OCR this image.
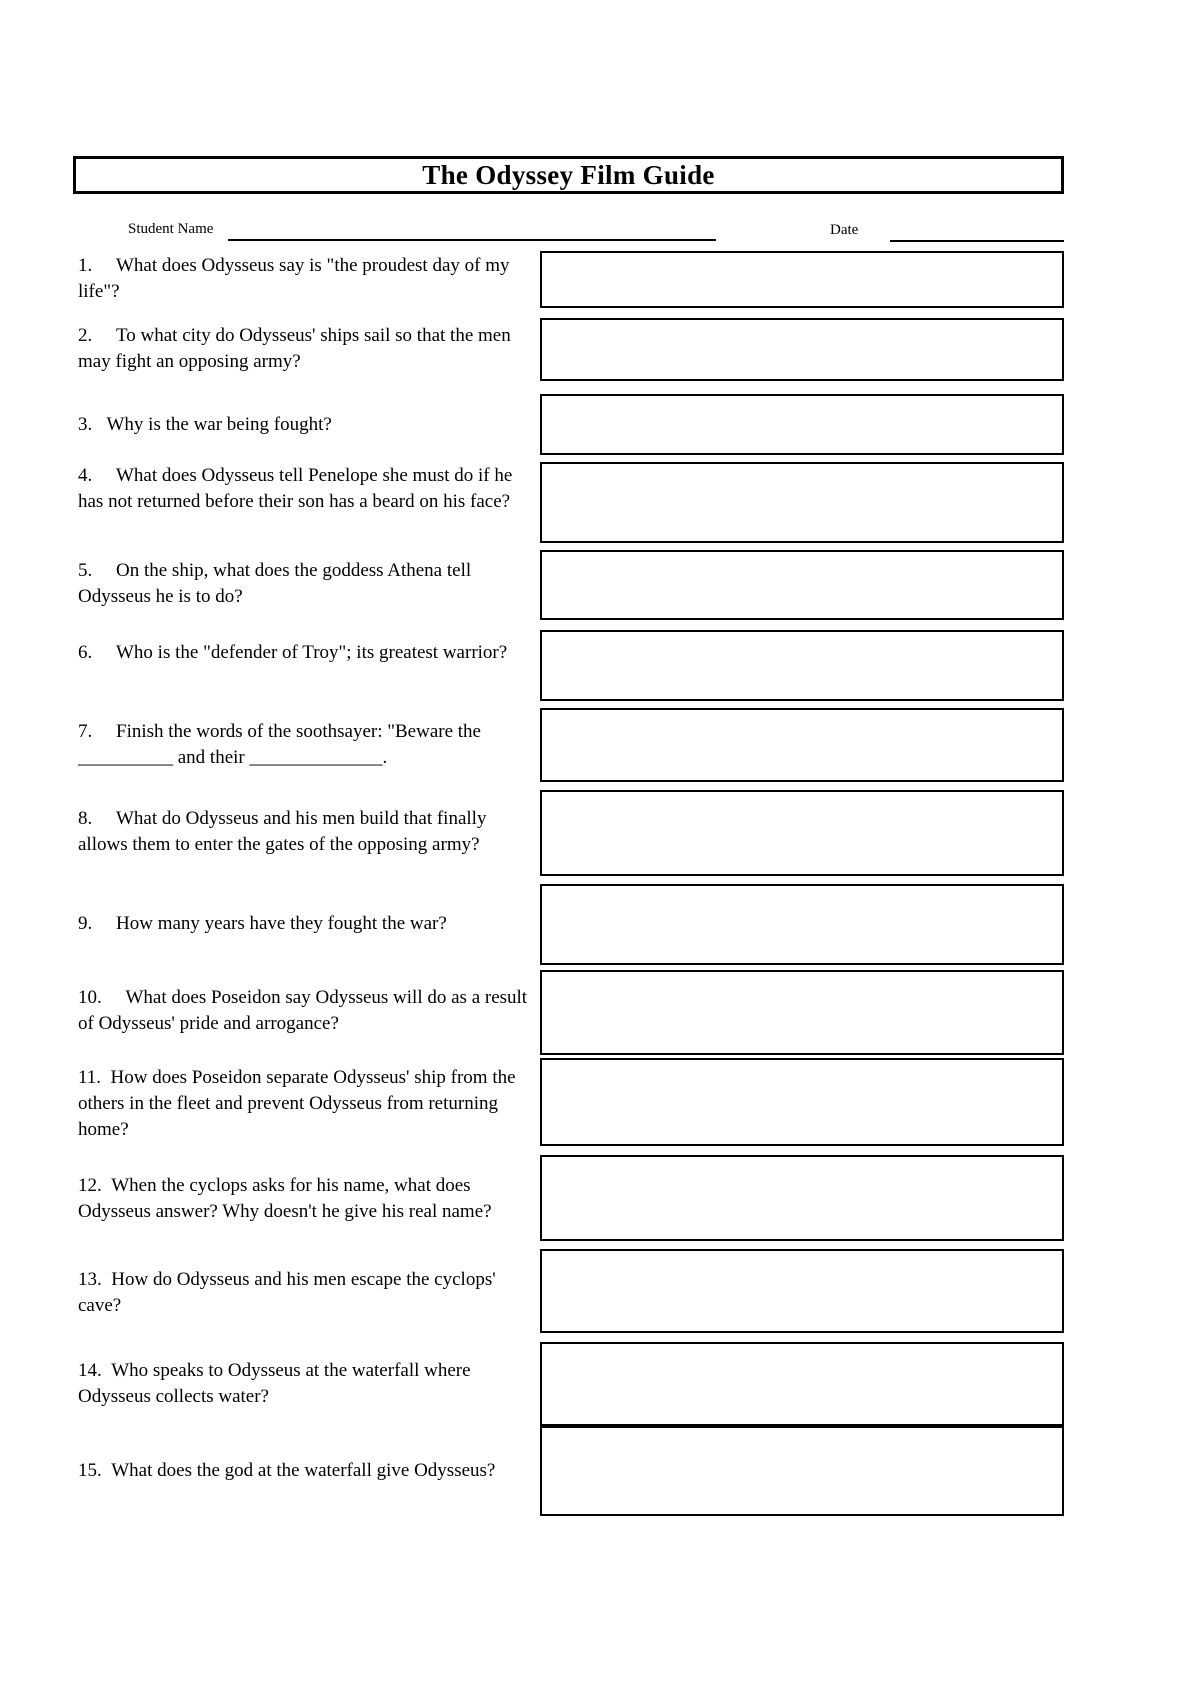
The Odyssey Film Guide
Student Name	Date
1. What does Odysseus say is "the proudest day of my life"?
2. To what city do Odysseus' ships sail so that the men may fight an opposing army?
3. Why is the war being fought?
4. What does Odysseus tell Penelope she must do if he has not returned before their son has a beard on his face?
5. On the ship, what does the goddess Athena tell Odysseus he is to do?
6. Who is the "defender of Troy"; its greatest warrior?
7. Finish the words of the soothsayer: "Beware the __________ and their ______________.
8. What do Odysseus and his men build that finally allows them to enter the gates of the opposing army?
9. How many years have they fought the war?
10. What does Poseidon say Odysseus will do as a result of Odysseus' pride and arrogance?
11. How does Poseidon separate Odysseus' ship from the others in the fleet and prevent Odysseus from returning home?
12. When the cyclops asks for his name, what does Odysseus answer? Why doesn't he give his real name?
13. How do Odysseus and his men escape the cyclops' cave?
14. Who speaks to Odysseus at the waterfall where Odysseus collects water?
15. What does the god at the waterfall give Odysseus?
